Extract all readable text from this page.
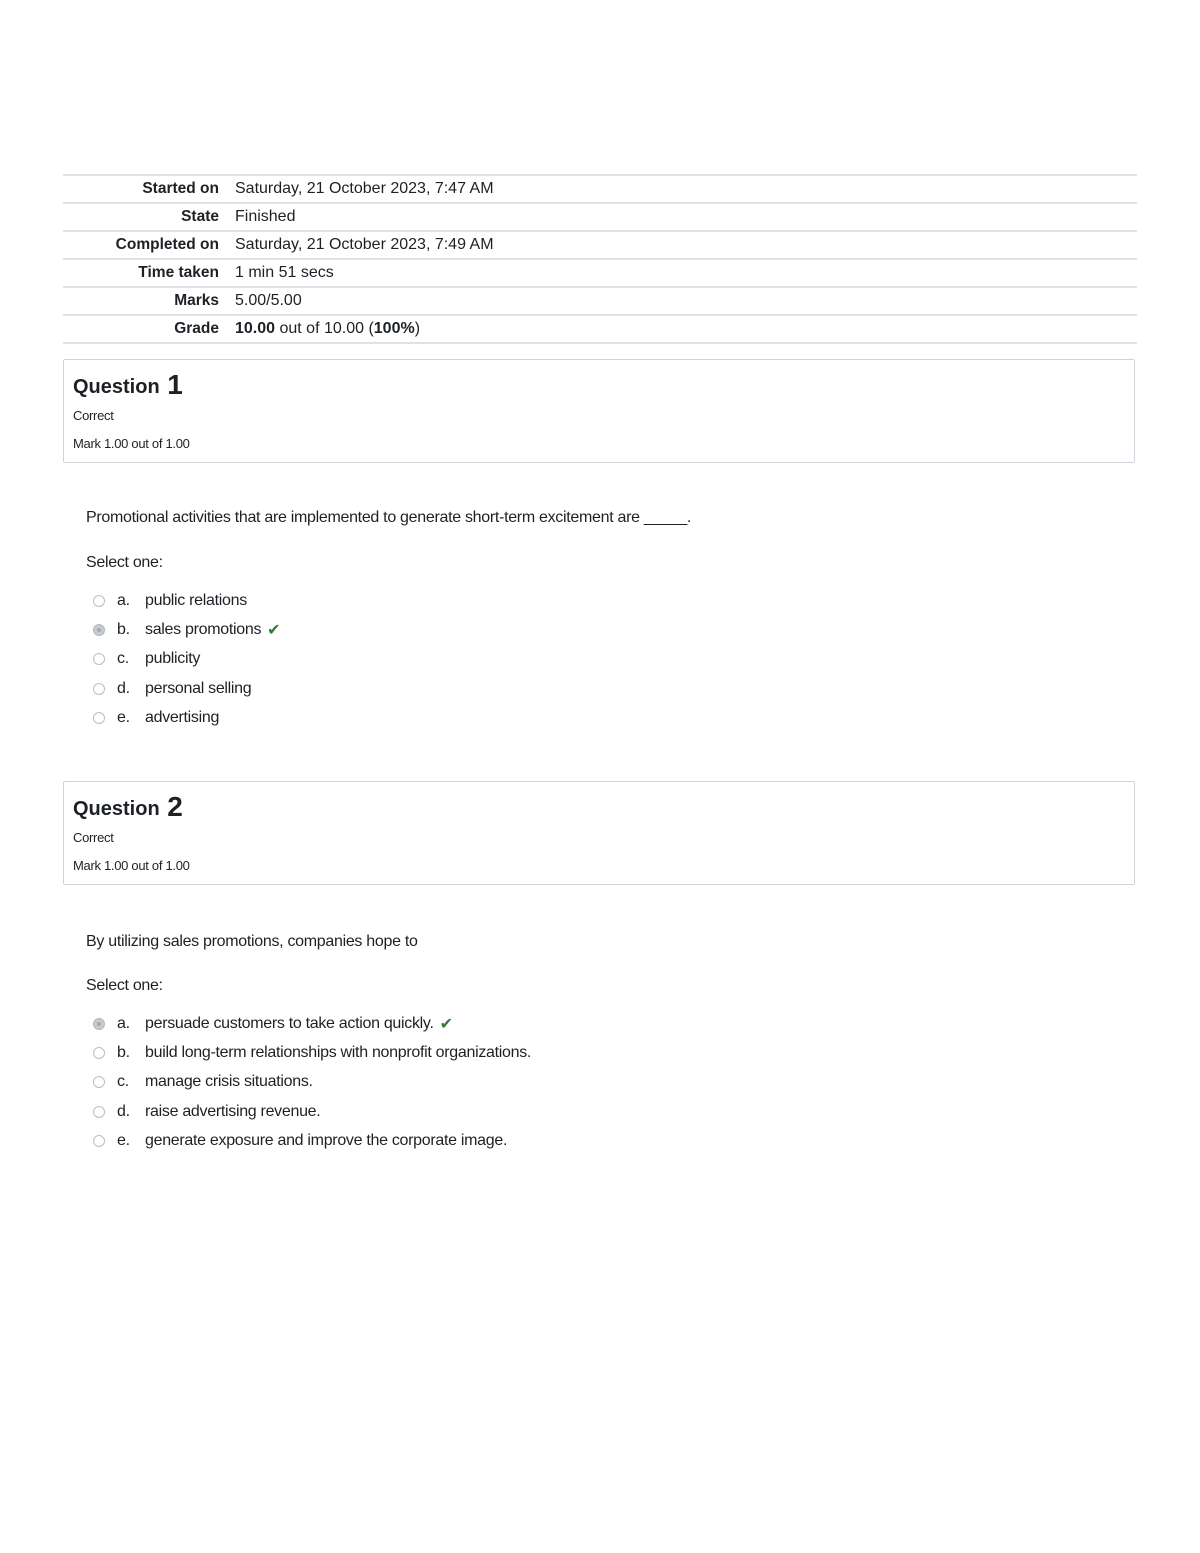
Started on	Saturday, 21 October 2023, 7:47 AM
State	Finished
Completed on	Saturday, 21 October 2023, 7:49 AM
Time taken	1 min 51 secs
Marks	5.00/5.00
Grade	10.00 out of 10.00 (100%)
Question 1
Correct
Mark 1.00 out of 1.00
Promotional activities that are implemented to generate short-term excitement are _____.
Select one:
a. public relations
b. sales promotions ✔
c.	publicity
d. personal selling
e. advertising
Question 2
Correct
Mark 1.00 out of 1.00
By utilizing sales promotions, companies hope to
Select one:
a. persuade customers to take action quickly. ✔
b. build long-term relationships with nonprofit organizations.
c.	manage crisis situations.
d. raise advertising revenue.
e. generate exposure and improve the corporate image.
